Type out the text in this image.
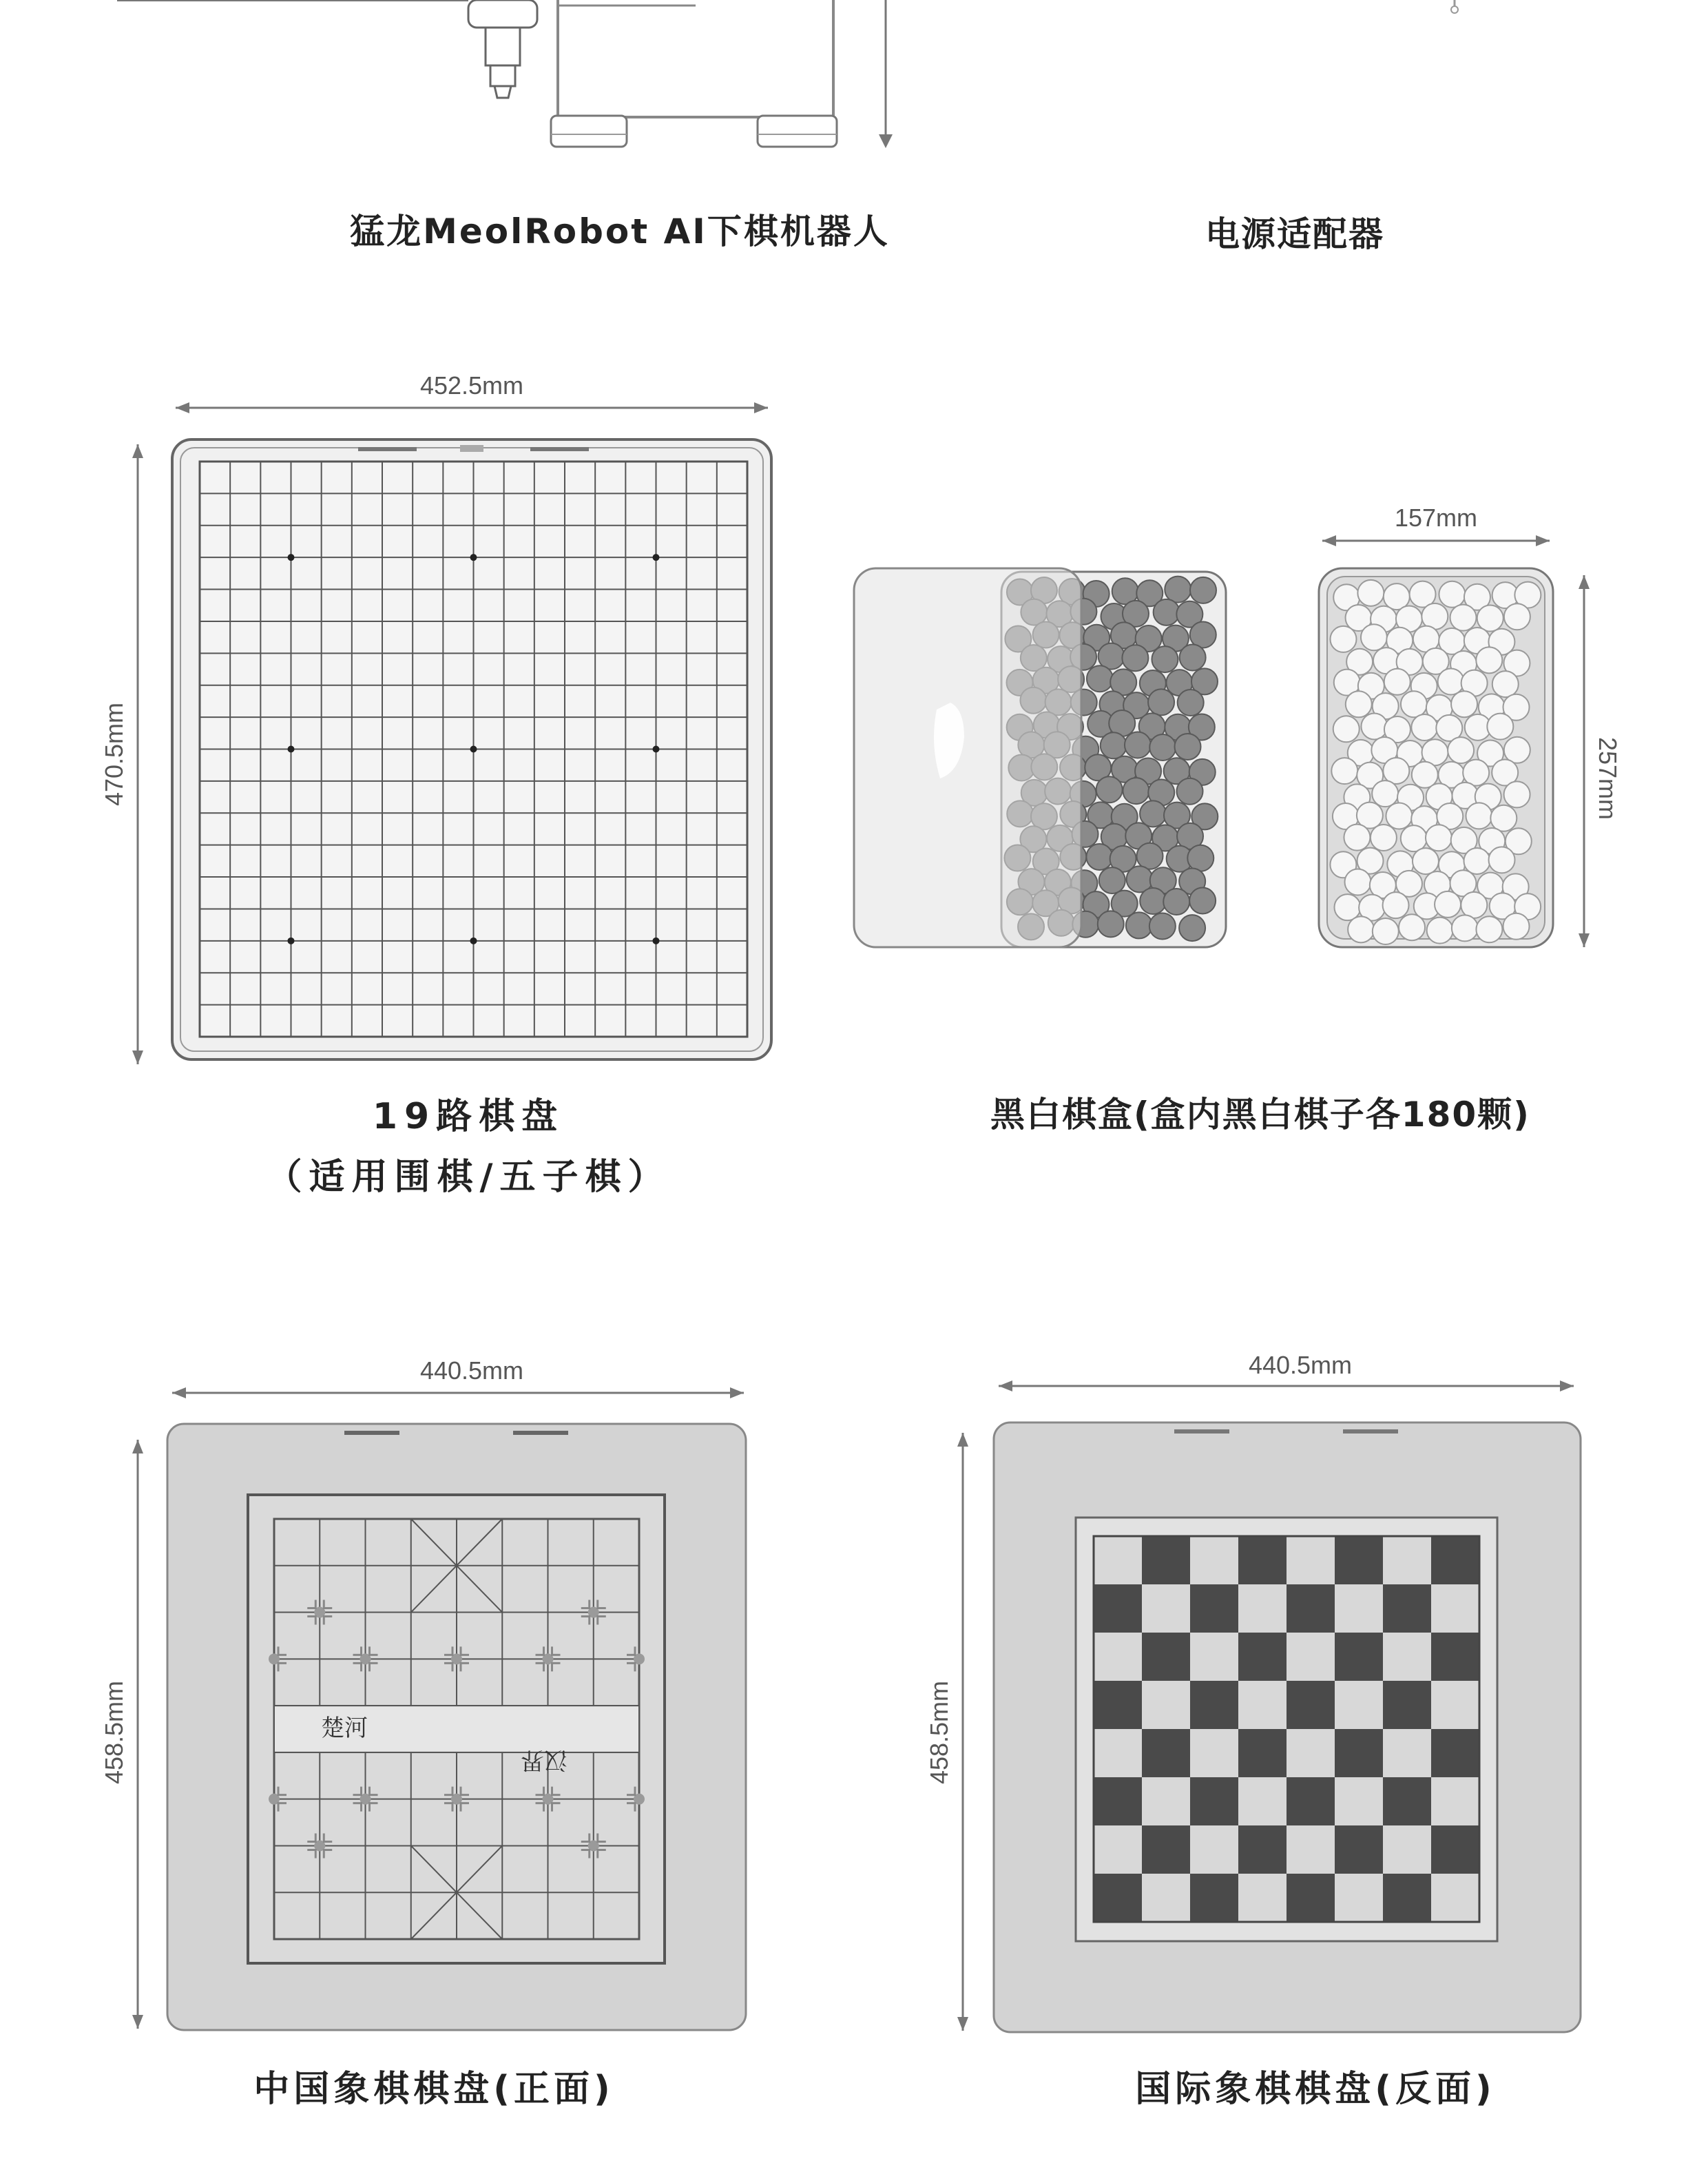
猛龙MeolRobot AI下棋机器人	电源适配器
452.5mm
470.5mm
19路棋盘
（适用围棋/五子棋）
157mm
257mm
黑白棋盒(盒内黑白棋子各180颗)
440.5mm
458.5mm	楚河
汉界
中国象棋棋盘(正面)
440.5mm
458.5mm
国际象棋棋盘(反面)
